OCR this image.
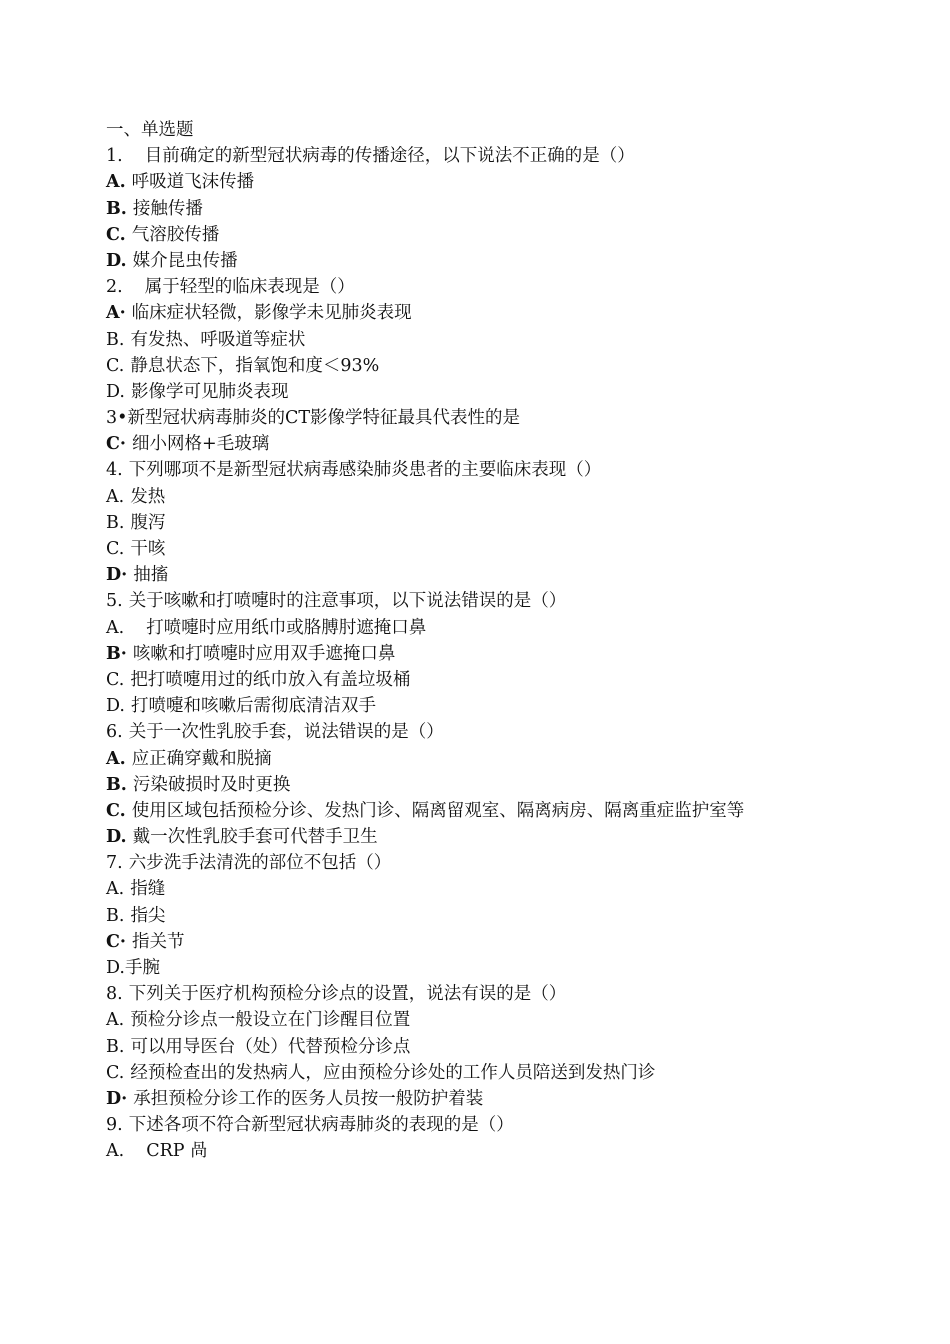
一、单选题
1. 目前确定的新型冠状病毒的传播途径，以下说法不正确的是（）
A. 呼吸道飞沫传播
B. 接触传播
C. 气溶胶传播
D. 媒介昆虫传播
2. 属于轻型的临床表现是（）
A· 临床症状轻微，影像学未见肺炎表现
B. 有发热、呼吸道等症状
C. 静息状态下，指氧饱和度＜93%
D. 影像学可见肺炎表现
3•新型冠状病毒肺炎的CT影像学特征最具代表性的是
C· 细小网格+毛玻璃
4. 下列哪项不是新型冠状病毒感染肺炎患者的主要临床表现（）
A. 发热
B. 腹泻
C. 干咳
D· 抽搐
5. 关于咳嗽和打喷嚏时的注意事项，以下说法错误的是（）
A. 打喷嚏时应用纸巾或胳膊肘遮掩口鼻
B· 咳嗽和打喷嚏时应用双手遮掩口鼻
C. 把打喷嚏用过的纸巾放入有盖垃圾桶
D. 打喷嚏和咳嗽后需彻底清洁双手
6. 关于一次性乳胶手套，说法错误的是（）
A. 应正确穿戴和脱摘
B. 污染破损时及时更换
C. 使用区域包括预检分诊、发热门诊、隔离留观室、隔离病房、隔离重症监护室等
D. 戴一次性乳胶手套可代替手卫生
7. 六步洗手法清洗的部位不包括（）
A. 指缝
B. 指尖
C· 指关节
D.手腕
8. 下列关于医疗机构预检分诊点的设置，说法有误的是（）
A. 预检分诊点一般设立在门诊醒目位置
B. 可以用导医台（处）代替预检分诊点
C. 经预检查出的发热病人，应由预检分诊处的工作人员陪送到发热门诊
D· 承担预检分诊工作的医务人员按一般防护着装
9. 下述各项不符合新型冠状病毒肺炎的表现的是（）
A. CRP 咼
